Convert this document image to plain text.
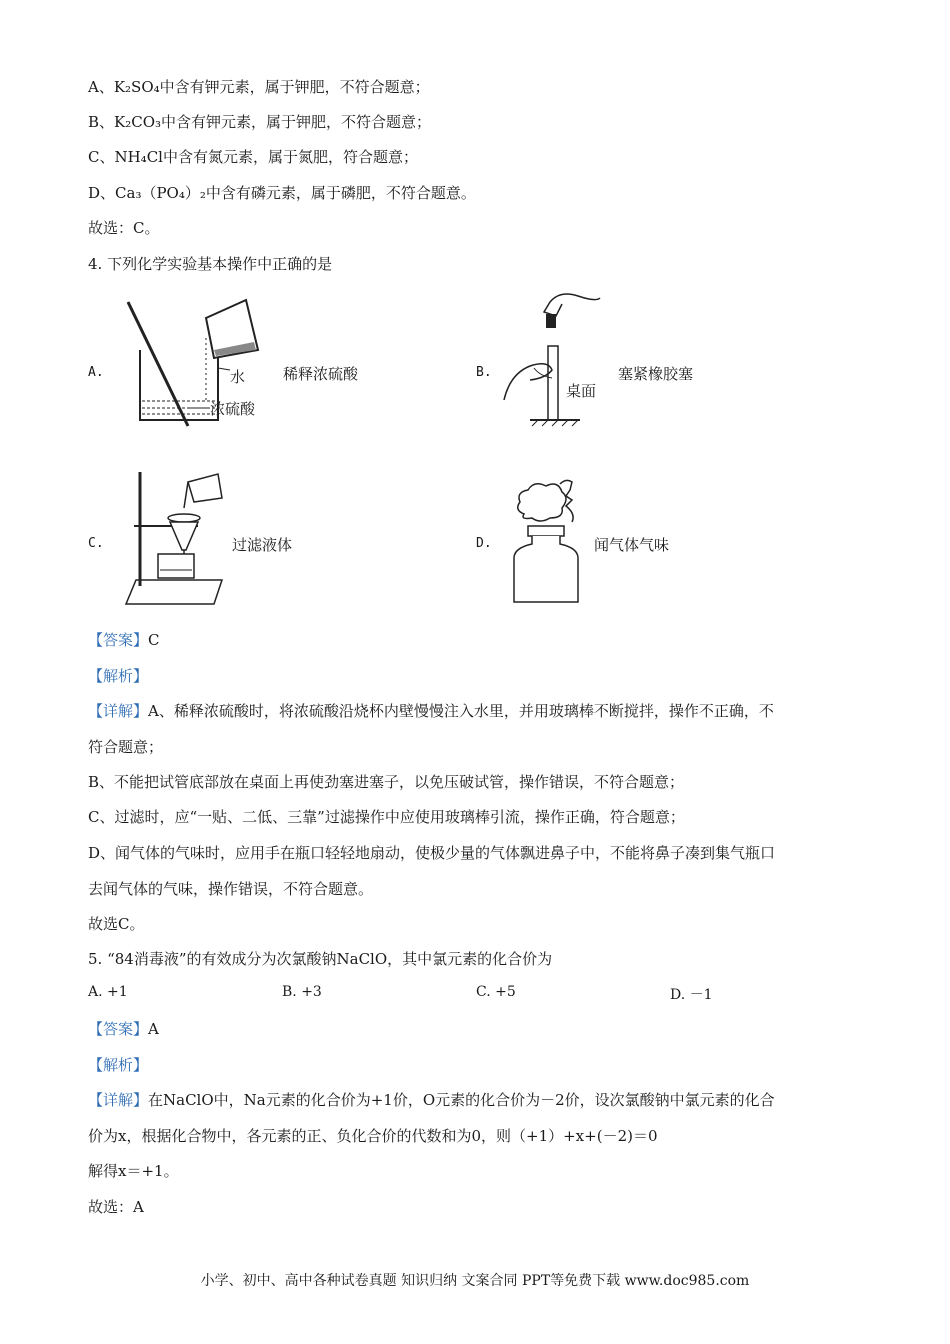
A、K₂SO₄中含有钾元素，属于钾肥，不符合题意；
B、K₂CO₃中含有钾元素，属于钾肥，不符合题意；
C、NH₄Cl中含有氮元素，属于氮肥，符合题意；
D、Ca₃（PO₄）₂中含有磷元素，属于磷肥，不符合题意。
故选：C。
4. 下列化学实验基本操作中正确的是
A.	水
浓硫酸
稀释浓硫酸	B.
桌面
塞紧橡胶塞
C.	过滤液体	D.	闻气体气味
【答案】C
【解析】
【详解】A、稀释浓硫酸时，将浓硫酸沿烧杯内壁慢慢注入水里，并用玻璃棒不断搅拌，操作不正确，不
符合题意；
B、不能把试管底部放在桌面上再使劲塞进塞子，以免压破试管，操作错误，不符合题意；
C、过滤时，应“一贴、二低、三靠”过滤操作中应使用玻璃棒引流，操作正确，符合题意；
D、闻气体的气味时，应用手在瓶口轻轻地扇动，使极少量的气体飘进鼻子中，不能将鼻子凑到集气瓶口
去闻气体的气味，操作错误，不符合题意。
故选C。
5. “84消毒液”的有效成分为次氯酸钠NaClO，其中氯元素的化合价为
A. +1	B. +3	C. +5	D. －1
【答案】A
【解析】
【详解】在NaClO中，Na元素的化合价为+1价，O元素的化合价为－2价，设次氯酸钠中氯元素的化合
价为x，根据化合物中，各元素的正、负化合价的代数和为0，则（+1）+x+(－2)＝0
解得x＝+1。
故选：A
小学、初中、高中各种试卷真题 知识归纳 文案合同 PPT等免费下载 www.doc985.com
